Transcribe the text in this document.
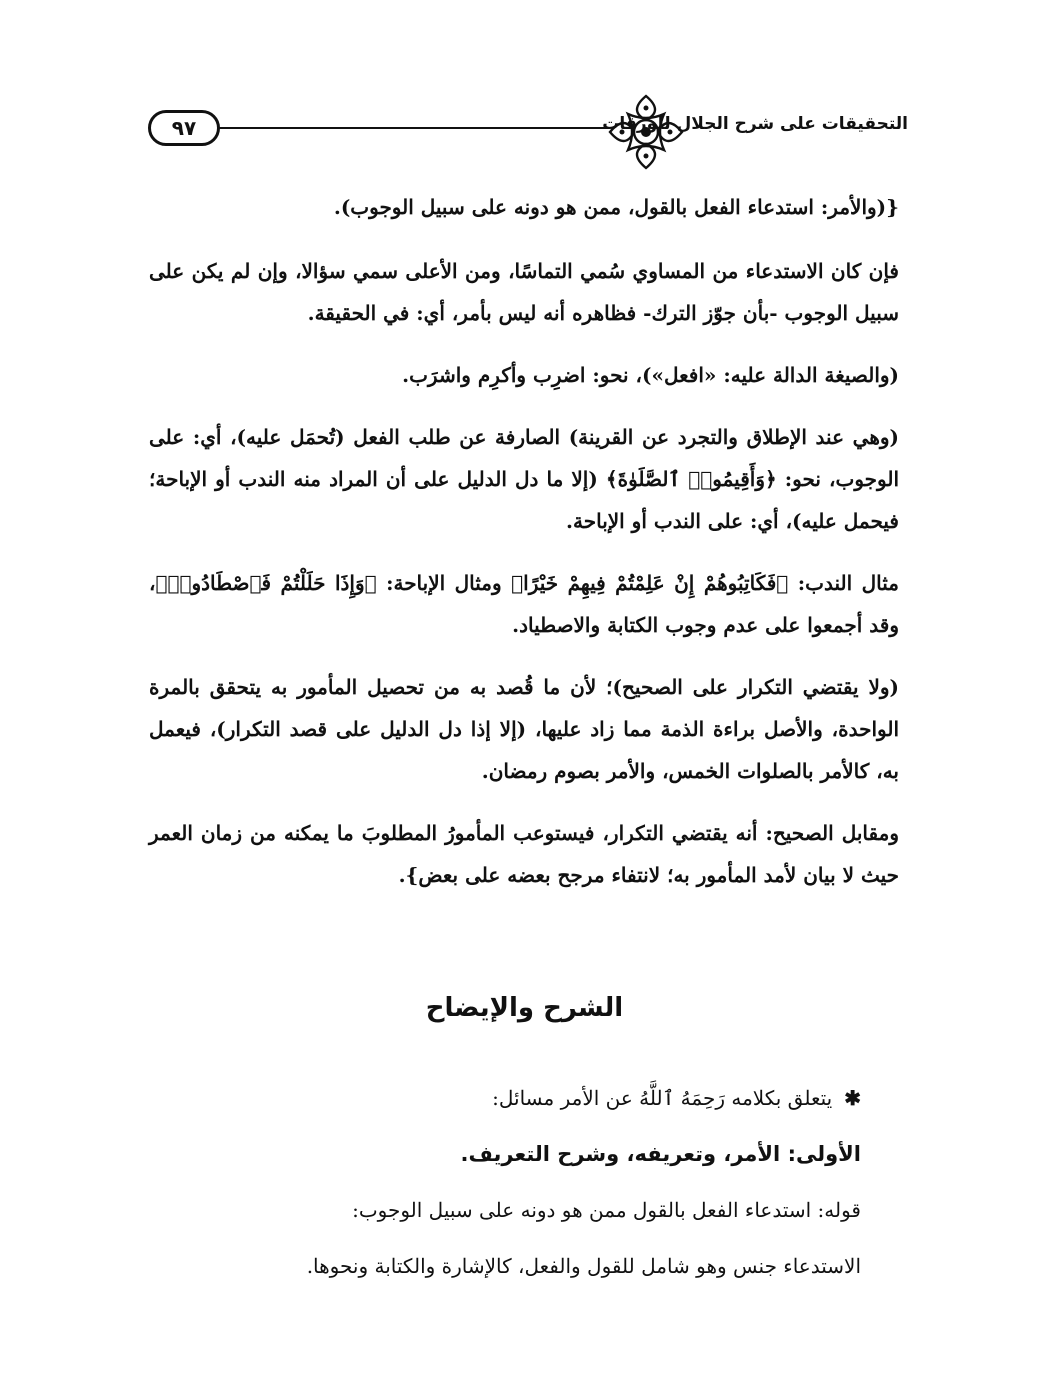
٩٧	التحقيقات على شرح الجلال للورقات

{(والأمر: استدعاء الفعل بالقول، ممن هو دونه على سبيل الوجوب).

فإن كان الاستدعاء من المساوي سُمي التماسًا، ومن الأعلى سمي سؤالا، وإن لم يكن على سبيل الوجوب -بأن جوّز الترك- فظاهره أنه ليس بأمر، أي: في الحقيقة.

(والصيغة الدالة عليه: «افعل»)، نحو: اضرِب وأكرِم واشرَب.

(وهي عند الإطلاق والتجرد عن القرينة) الصارفة عن طلب الفعل (تُحمَل عليه)، أي: على الوجوب، نحو: ﴿وَأَقِيمُوا۟ ٱلصَّلَوٰةَ﴾ (إلا ما دل الدليل على أن المراد منه الندب أو الإباحة؛ فيحمل عليه)، أي: على الندب أو الإباحة.

مثال الندب: ﴿فَكَاتِبُوهُمْ إِنْ عَلِمْتُمْ فِيهِمْ خَيْرًا﴾ ومثال الإباحة: ﴿وَإِذَا حَلَلْتُمْ فَٱصْطَادُوا۟﴾، وقد أجمعوا على عدم وجوب الكتابة والاصطياد.

(ولا يقتضي التكرار على الصحيح)؛ لأن ما قُصد به من تحصيل المأمور به يتحقق بالمرة الواحدة، والأصل براءة الذمة مما زاد عليها، (إلا إذا دل الدليل على قصد التكرار)، فيعمل به، كالأمر بالصلوات الخمس، والأمر بصوم رمضان.

ومقابل الصحيح: أنه يقتضي التكرار، فيستوعب المأمورُ المطلوبَ ما يمكنه من زمان العمر حيث لا بيان لأمد المأمور به؛ لانتفاء مرجح بعضه على بعض}.

الشرح والإيضاح
✱يتعلق بكلامه رَحِمَهُ ٱللَّهُ عن الأمر مسائل:
الأولى: الأمر، وتعريفه، وشرح التعريف.
قوله: استدعاء الفعل بالقول ممن هو دونه على سبيل الوجوب:
الاستدعاء جنس وهو شامل للقول والفعل، كالإشارة والكتابة ونحوها.
